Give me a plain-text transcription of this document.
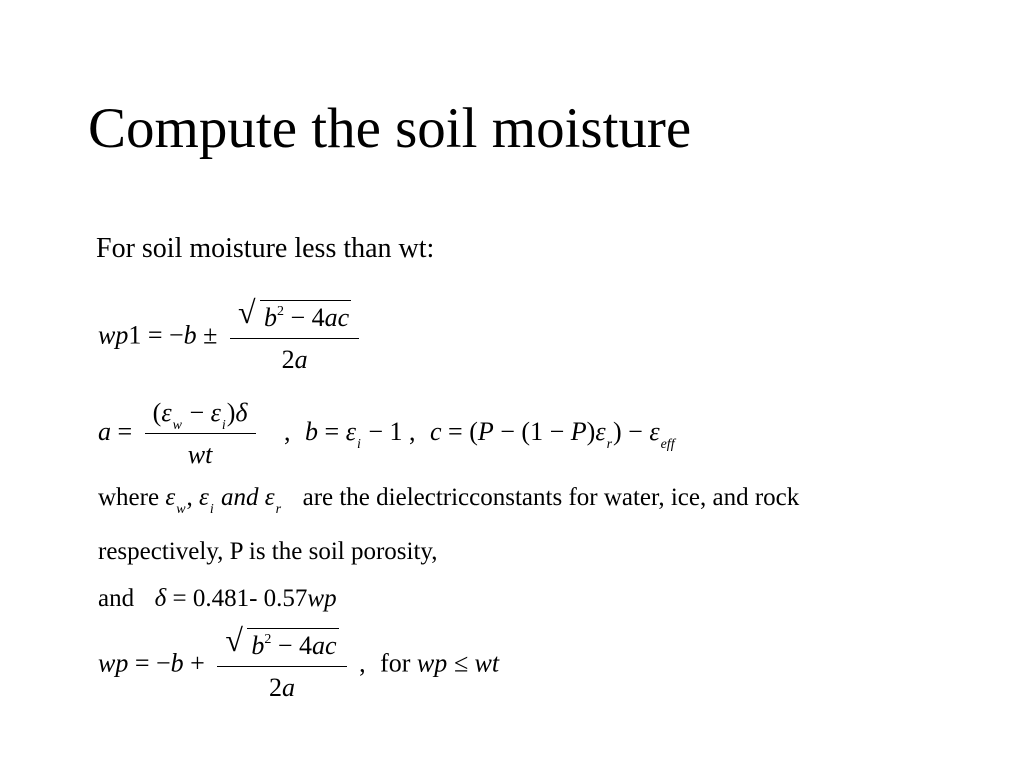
Compute the soil moisture
For soil moisture less than wt:
$wp1 = -b \pm \frac{√ b^2 - 4ac}{2a}$
$a = \frac{(\varepsilon_w - \varepsilon_i)\delta}{wt}$ , $b = \varepsilon_i - 1$ , $c = (P - (1 - P)\varepsilon_r) - \varepsilon_{eff}$
where $\varepsilon_w$, $\varepsilon_i$ and $\varepsilon_r$ are the dielectricconstants for water, ice, and rock
respectively, P is the soil porosity,
and δ = 0.481- 0.57wp
wp = $-b + \frac{√ b^2 - 4ac}{2a}$ , for wp ≤ wt
